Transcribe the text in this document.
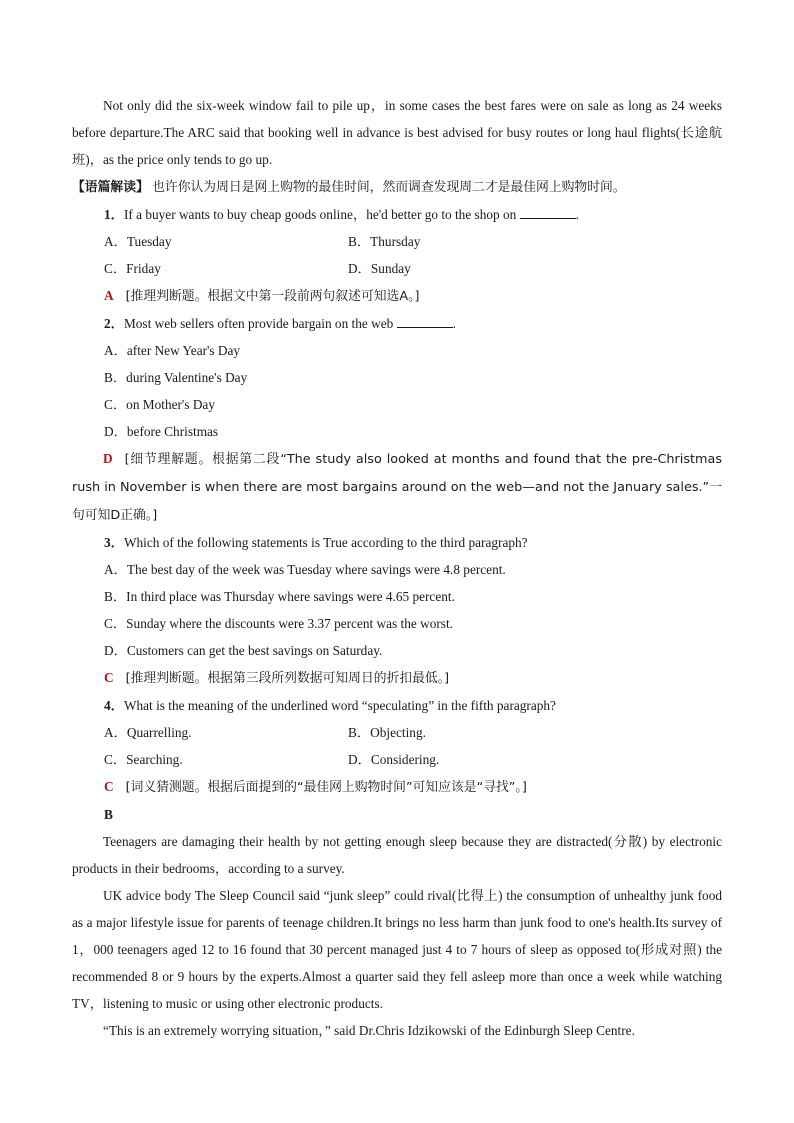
Not only did the six-week window fail to pile up，in some cases the best fares were on sale as long as 24 weeks before departure.The ARC said that booking well in advance is best advised for busy routes or long haul flights(长途航班)，as the price only tends to go up.

【语篇解读】 也许你认为周日是网上购物的最佳时间，然而调查发现周二才是最佳网上购物时间。

1．If a buyer wants to buy cheap goods online，he'd better go to the shop on	.

A．Tuesday	B．Thursday
C．Friday	D．Sunday

A [推理判断题。根据文中第一段前两句叙述可知选A。]

2．Most web sellers often provide bargain on the web	.

A．after New Year's Day

B．during Valentine's Day

C．on Mother's Day

D．before Christmas

D [细节理解题。根据第二段“The study also looked at months and found that the pre-Christmas rush in November is when there are most bargains around on the web—and not the January sales.”一句可知D正确。]

3．Which of the following statements is True according to the third paragraph?

A．The best day of the week was Tuesday where savings were 4.8 percent.

B．In third place was Thursday where savings were 4.65 percent.

C．Sunday where the discounts were 3.37 percent was the worst.

D．Customers can get the best savings on Saturday.

C [推理判断题。根据第三段所列数据可知周日的折扣最低。]

4．What is the meaning of the underlined word “speculating” in the fifth paragraph?

A．Quarrelling.	B．Objecting.
C．Searching.	D．Considering.

C [词义猜测题。根据后面提到的“最佳网上购物时间”可知应该是“寻找”。]

B

Teenagers are damaging their health by not getting enough sleep because they are distracted(分散) by electronic products in their bedrooms，according to a survey.

UK advice body The Sleep Council said “junk sleep” could rival(比得上) the consumption of unhealthy junk food as a major lifestyle issue for parents of teenage children.It brings no less harm than junk food to one's health.Its survey of 1，000 teenagers aged 12 to 16 found that 30 percent managed just 4 to 7 hours of sleep as opposed to(形成对照) the recommended 8 or 9 hours by the experts.Almost a quarter said they fell asleep more than once a week while watching TV，listening to music or using other electronic products.

“This is an extremely worrying situation，” said Dr.Chris Idzikowski of the Edinburgh Sleep Centre.
